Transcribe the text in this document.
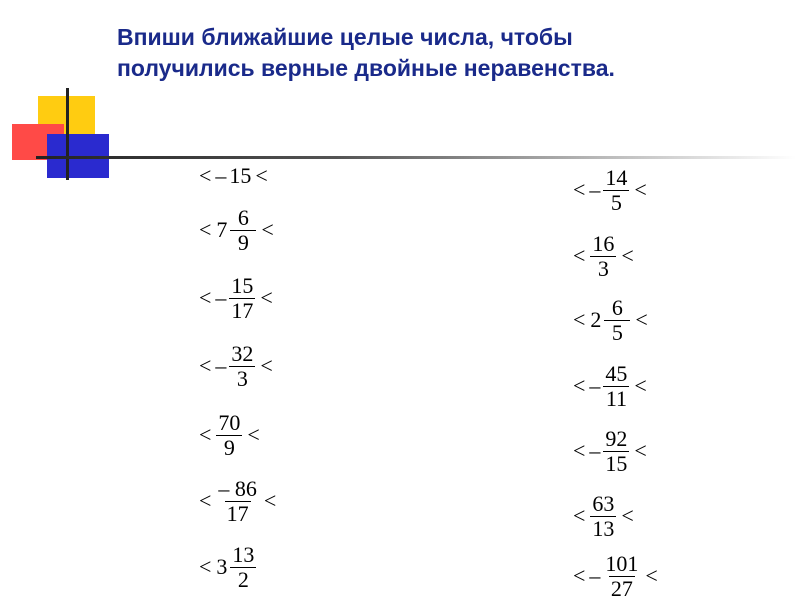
Впиши ближайшие целые числа, чтобы
получились верные двойные неравенства.
< – 15 <
< $7 \frac{6}{9}$ <
< – $\frac{15}{17}$ <
< – $\frac{32}{3}$ <
< $\frac{70}{9}$ <
< $\frac{- 86}{17}$ <
< $3 \frac{13}{2}$
< – $\frac{14}{5}$ <
< $\frac{16}{3}$ <
< $2 \frac{6}{5}$ <
< – $\frac{45}{11}$ <
< – $\frac{92}{15}$ <
< $\frac{63}{13}$ <
< – $\frac{101}{27}$ <
